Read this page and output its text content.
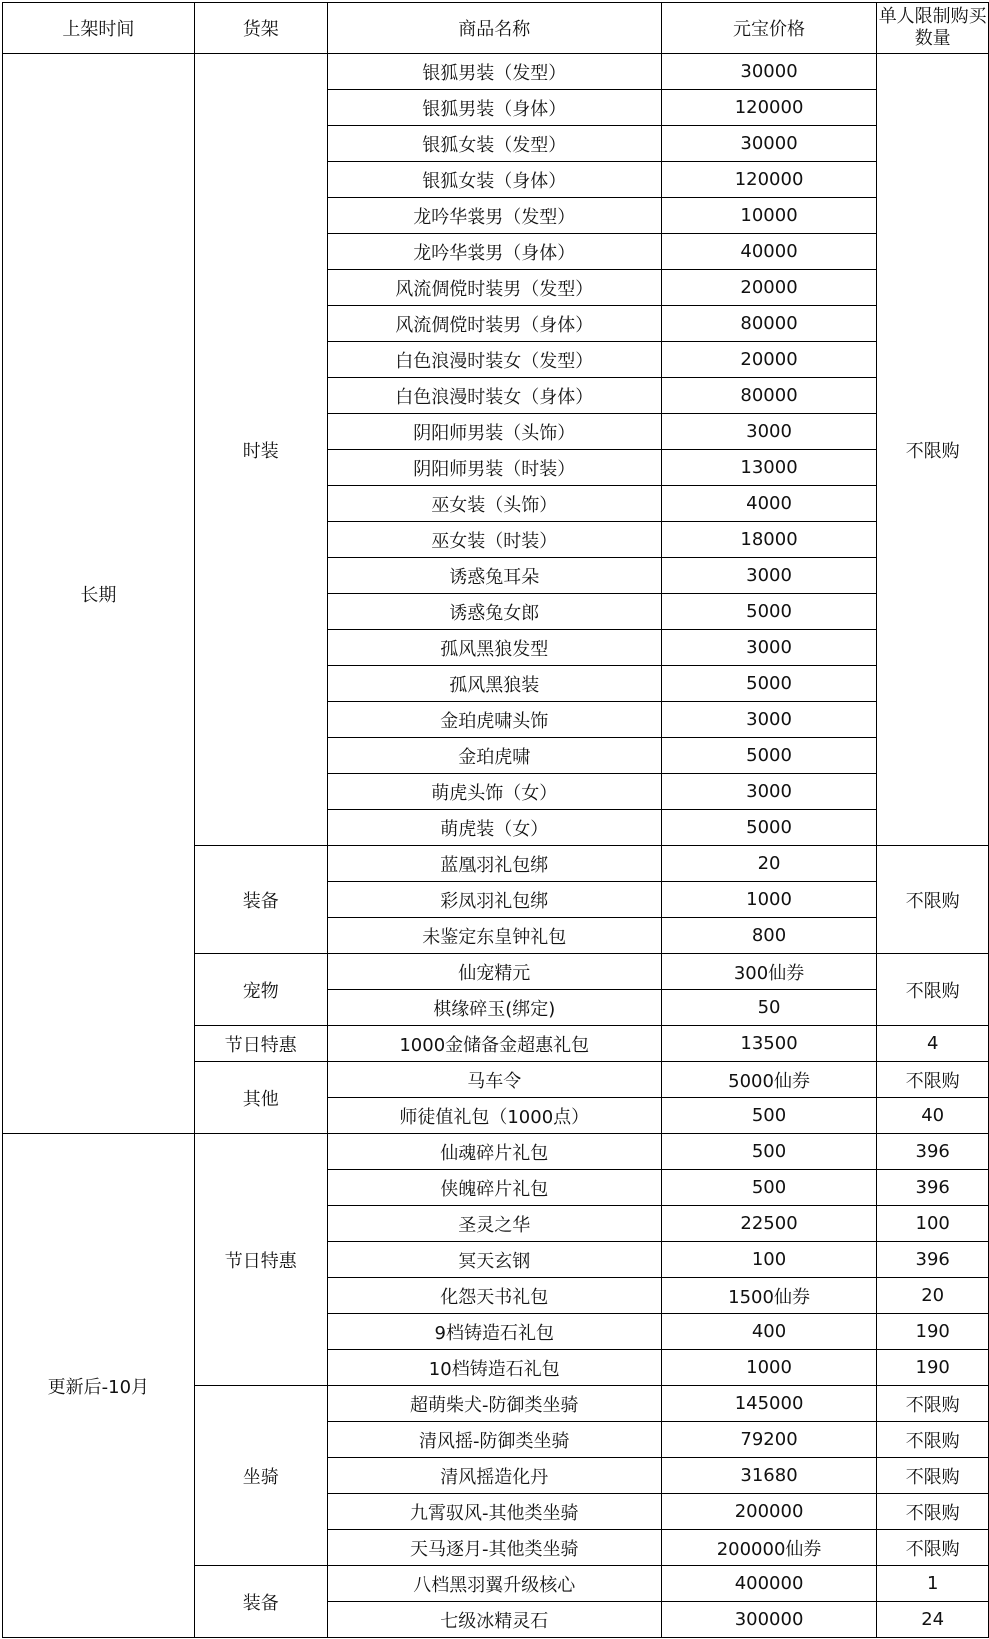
上架时间	货架	商品名称	元宝价格	单人限制购买数量
长期	时装	银狐男装（发型）	30000	不限购
		银狐男装（身体）	120000	
		银狐女装（发型）	30000	
		银狐女装（身体）	120000	
		龙吟华裳男（发型）	10000	
		龙吟华裳男（身体）	40000	
		风流倜傥时装男（发型）	20000	
		风流倜傥时装男（身体）	80000	
		白色浪漫时装女（发型）	20000	
		白色浪漫时装女（身体）	80000	
		阴阳师男装（头饰）	3000	
		阴阳师男装（时装）	13000	
		巫女装（头饰）	4000	
		巫女装（时装）	18000	
		诱惑兔耳朵	3000	
		诱惑兔女郎	5000	
		孤风黑狼发型	3000	
		孤风黑狼装	5000	
		金珀虎啸头饰	3000	
		金珀虎啸	5000	
		萌虎头饰（女）	3000	
		萌虎装（女）	5000	
	装备	蓝凰羽礼包绑	20	不限购
		彩凤羽礼包绑	1000	
		未鉴定东皇钟礼包	800	
	宠物	仙宠精元	300仙券	不限购
		棋缘碎玉(绑定)	50	
	节日特惠	1000金储备金超惠礼包	13500	4
	其他	马车令	5000仙券	不限购
		师徒值礼包（1000点）	500	40
更新后-10月	节日特惠	仙魂碎片礼包	500	396
		侠魄碎片礼包	500	396
		圣灵之华	22500	100
		冥天玄钢	100	396
		化怨天书礼包	1500仙券	20
		9档铸造石礼包	400	190
		10档铸造石礼包	1000	190
	坐骑	超萌柴犬-防御类坐骑	145000	不限购
		清风摇-防御类坐骑	79200	不限购
		清风摇造化丹	31680	不限购
		九霄驭风-其他类坐骑	200000	不限购
		天马逐月-其他类坐骑	200000仙券	不限购
	装备	八档黑羽翼升级核心	400000	1
		七级冰精灵石	300000	24
